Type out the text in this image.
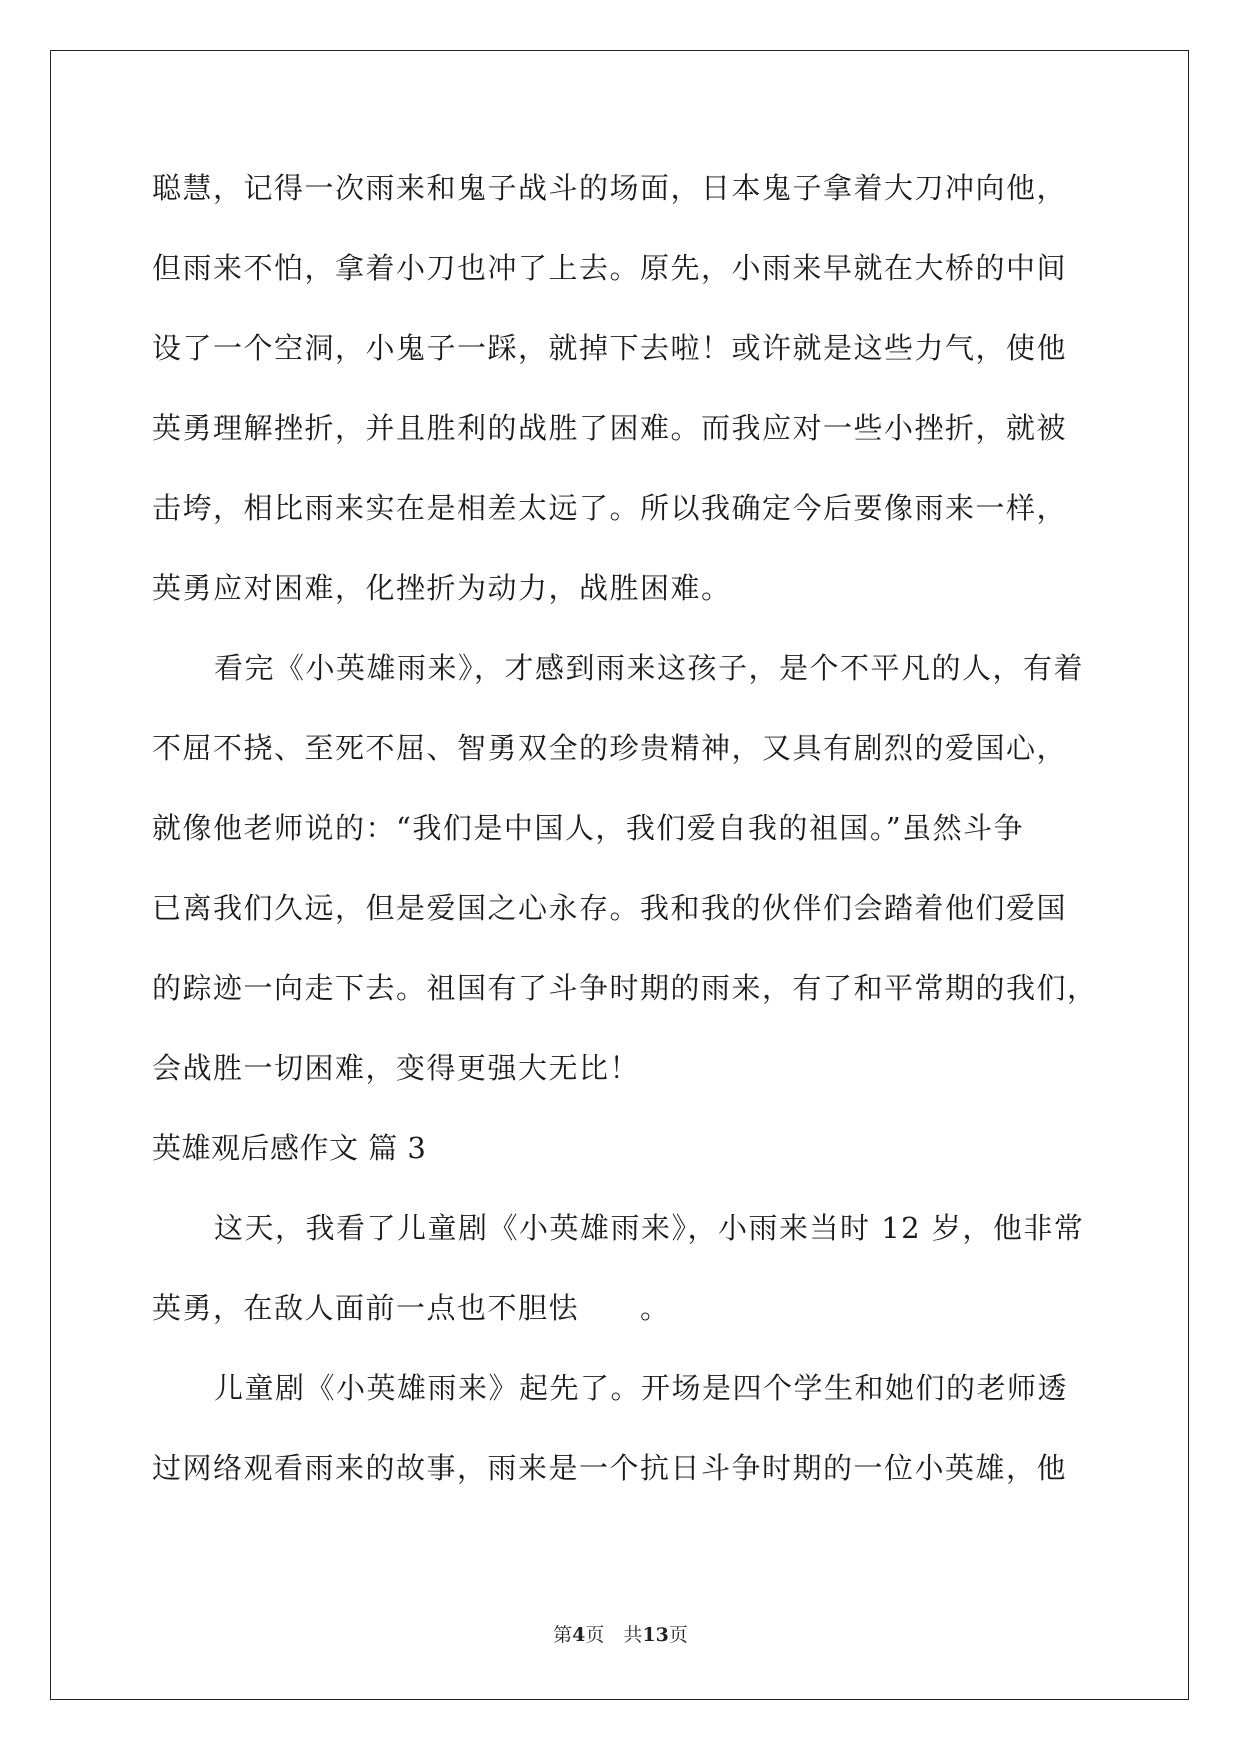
聪慧，记得一次雨来和鬼子战斗的场面，日本鬼子拿着大刀冲向他，
但雨来不怕，拿着小刀也冲了上去。原先，小雨来早就在大桥的中间
设了一个空洞，小鬼子一踩，就掉下去啦！或许就是这些力气，使他
英勇理解挫折，并且胜利的战胜了困难。而我应对一些小挫折，就被
击垮，相比雨来实在是相差太远了。所以我确定今后要像雨来一样，
英勇应对困难，化挫折为动力，战胜困难。
看完《小英雄雨来》，才感到雨来这孩子，是个不平凡的人，有着
不屈不挠、至死不屈、智勇双全的珍贵精神，又具有剧烈的爱国心，
就像他老师说的：“我们是中国人，我们爱自我的祖国。”虽然斗争
已离我们久远，但是爱国之心永存。我和我的伙伴们会踏着他们爱国
的踪迹一向走下去。祖国有了斗争时期的雨来，有了和平常期的我们，
会战胜一切困难，变得更强大无比！
英雄观后感作文 篇 3
这天，我看了儿童剧《小英雄雨来》，小雨来当时 12 岁，他非常
英勇，在敌人面前一点也不胆怯　　。
儿童剧《小英雄雨来》起先了。开场是四个学生和她们的老师透
过网络观看雨来的故事，雨来是一个抗日斗争时期的一位小英雄，他
第4页　共13页
